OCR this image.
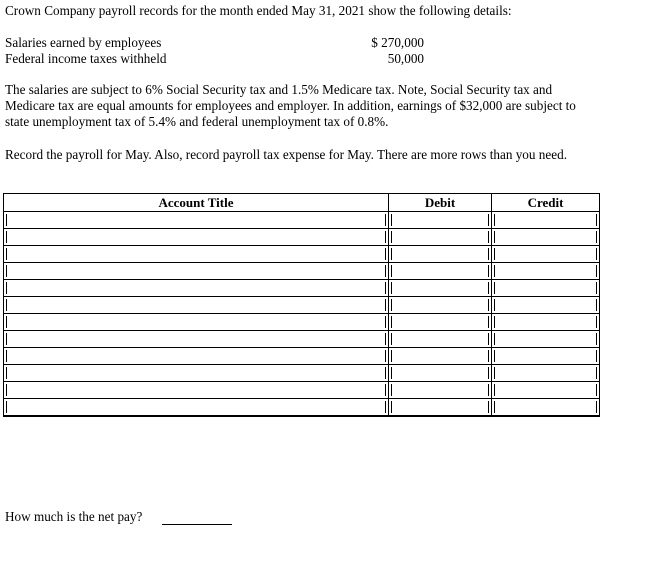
Crown Company payroll records for the month ended May 31, 2021 show the following details:
Salaries earned by employees	$ 270,000
Federal income taxes withheld	50,000
The salaries are subject to 6% Social Security tax and 1.5% Medicare tax. Note, Social Security tax and
Medicare tax are equal amounts for employees and employer. In addition, earnings of $32,000 are subject to
state unemployment tax of 5.4% and federal unemployment tax of 0.8%.
Record the payroll for May. Also, record payroll tax expense for May. There are more rows than you need.
Account Title	Debit	Credit

How much is the net pay?
